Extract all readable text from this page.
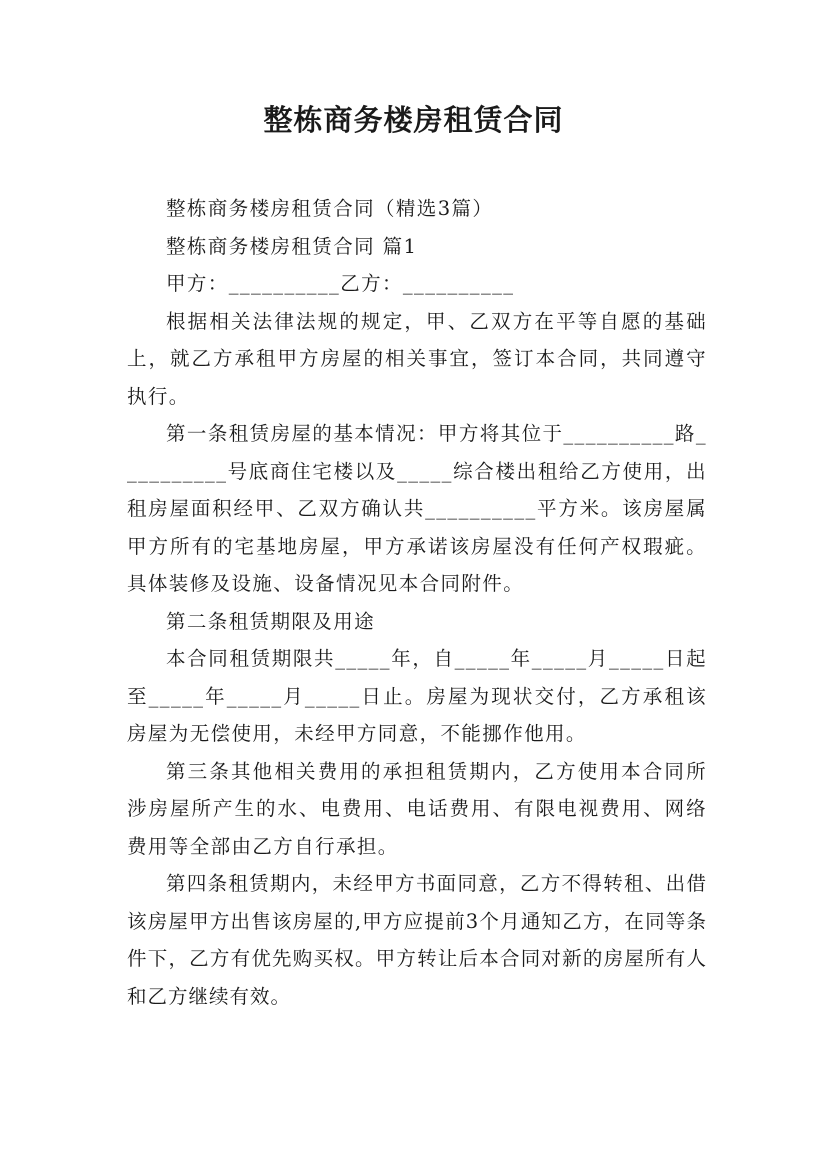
整栋商务楼房租赁合同

整栋商务楼房租赁合同（精选3篇）

整栋商务楼房租赁合同 篇1

甲方：__________乙方：__________

根据相关法律法规的规定，甲、乙双方在平等自愿的基础上，就乙方承租甲方房屋的相关事宜，签订本合同，共同遵守执行。

第一条租赁房屋的基本情况：甲方将其位于__________路__________号底商住宅楼以及_____综合楼出租给乙方使用，出租房屋面积经甲、乙双方确认共__________平方米。该房屋属甲方所有的宅基地房屋，甲方承诺该房屋没有任何产权瑕疵。具体装修及设施、设备情况见本合同附件。

第二条租赁期限及用途

本合同租赁期限共_____年，自_____年_____月_____日起至_____年_____月_____日止。房屋为现状交付，乙方承租该房屋为无偿使用，未经甲方同意，不能挪作他用。

第三条其他相关费用的承担租赁期内，乙方使用本合同所涉房屋所产生的水、电费用、电话费用、有限电视费用、网络费用等全部由乙方自行承担。

第四条租赁期内，未经甲方书面同意，乙方不得转租、出借该房屋甲方出售该房屋的,甲方应提前3个月通知乙方，在同等条件下，乙方有优先购买权。甲方转让后本合同对新的房屋所有人和乙方继续有效。
